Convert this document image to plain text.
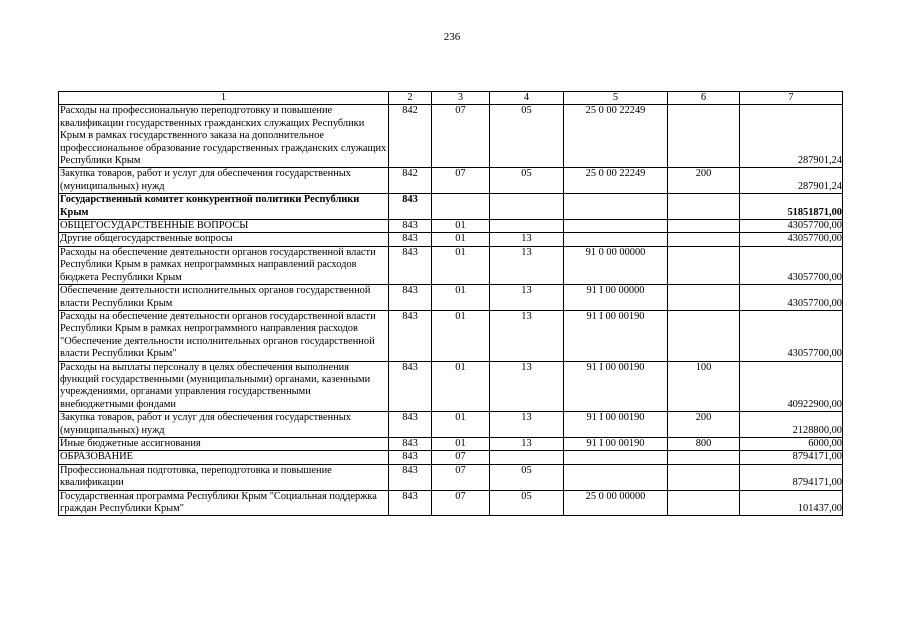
236
1	2	3	4	5	6	7
Расходы на профессиональную переподготовку и повышение квалификации государственных гражданских служащих Республики Крым в рамках государственного заказа на дополнительное профессиональное образование государственных гражданских служащих Республики Крым	842	07	05	25 0 00 22249		287901,24
Закупка товаров, работ и услуг для обеспечения государственных (муниципальных) нужд	842	07	05	25 0 00 22249	200	287901,24
Государственный комитет конкурентной политики Республики Крым	843					51851871,00
ОБЩЕГОСУДАРСТВЕННЫЕ ВОПРОСЫ	843	01				43057700,00
Другие общегосударственные вопросы	843	01	13			43057700,00
Расходы на обеспечение деятельности органов государственной власти Республики Крым в рамках непрограммных направлений расходов бюджета Республики Крым	843	01	13	91 0 00 00000		43057700,00
Обеспечение деятельности исполнительных органов государственной власти Республики Крым	843	01	13	91 I 00 00000		43057700,00
Расходы на обеспечение деятельности органов государственной власти Республики Крым в рамках непрограммного направления расходов "Обеспечение деятельности исполнительных органов государственной власти Республики Крым"	843	01	13	91 I 00 00190		43057700,00
Расходы на выплаты персоналу в целях обеспечения выполнения функций государственными (муниципальными) органами, казенными учреждениями, органами управления государственными внебюджетными фондами	843	01	13	91 I 00 00190	100	40922900,00
Закупка товаров, работ и услуг для обеспечения государственных (муниципальных) нужд	843	01	13	91 I 00 00190	200	2128800,00
Иные бюджетные ассигнования	843	01	13	91 I 00 00190	800	6000,00
ОБРАЗОВАНИЕ	843	07				8794171,00
Профессиональная подготовка, переподготовка и повышение квалификации	843	07	05			8794171,00
Государственная программа Республики Крым "Социальная поддержка граждан Республики Крым"	843	07	05	25 0 00 00000		101437,00
